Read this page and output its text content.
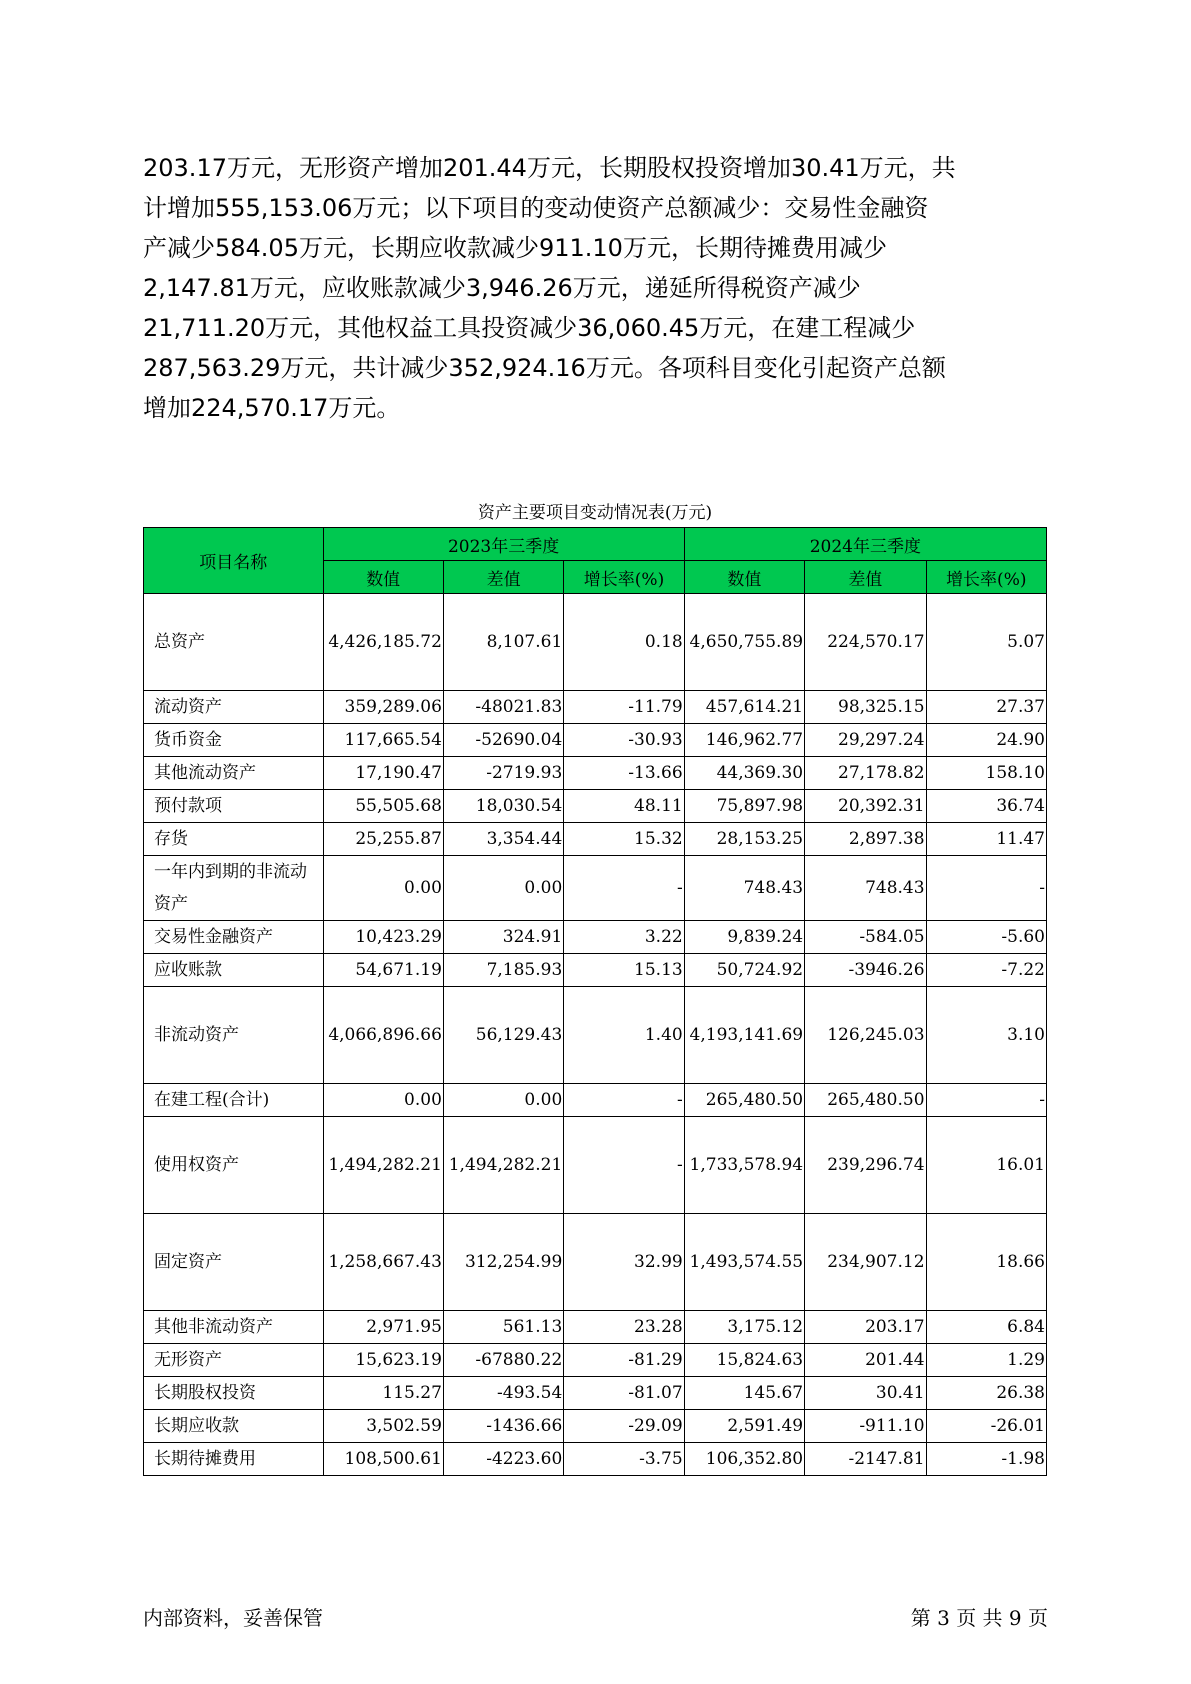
203.17万元，无形资产增加201.44万元，长期股权投资增加30.41万元，共
计增加555,153.06万元；以下项目的变动使资产总额减少：交易性金融资
产减少584.05万元，长期应收款减少911.10万元，长期待摊费用减少
2,147.81万元，应收账款减少3,946.26万元，递延所得税资产减少
21,711.20万元，其他权益工具投资减少36,060.45万元，在建工程减少
287,563.29万元，共计减少352,924.16万元。各项科目变化引起资产总额
增加224,570.17万元。
资产主要项目变动情况表(万元)
项目名称	2023年三季度			2024年三季度		
	数值	差值	增长率(%)	数值	差值	增长率(%)
总资产	4,426,185.72	8,107.61	0.18	4,650,755.89	224,570.17	5.07
流动资产	359,289.06	-48021.83	-11.79	457,614.21	98,325.15	27.37
货币资金	117,665.54	-52690.04	-30.93	146,962.77	29,297.24	24.90
其他流动资产	17,190.47	-2719.93	-13.66	44,369.30	27,178.82	158.10
预付款项	55,505.68	18,030.54	48.11	75,897.98	20,392.31	36.74
存货	25,255.87	3,354.44	15.32	28,153.25	2,897.38	11.47
一年内到期的非流动资产	0.00	0.00	-	748.43	748.43	-
交易性金融资产	10,423.29	324.91	3.22	9,839.24	-584.05	-5.60
应收账款	54,671.19	7,185.93	15.13	50,724.92	-3946.26	-7.22
非流动资产	4,066,896.66	56,129.43	1.40	4,193,141.69	126,245.03	3.10
在建工程(合计)	0.00	0.00	-	265,480.50	265,480.50	-
使用权资产	1,494,282.21	1,494,282.21	-	1,733,578.94	239,296.74	16.01
固定资产	1,258,667.43	312,254.99	32.99	1,493,574.55	234,907.12	18.66
其他非流动资产	2,971.95	561.13	23.28	3,175.12	203.17	6.84
无形资产	15,623.19	-67880.22	-81.29	15,824.63	201.44	1.29
长期股权投资	115.27	-493.54	-81.07	145.67	30.41	26.38
长期应收款	3,502.59	-1436.66	-29.09	2,591.49	-911.10	-26.01
长期待摊费用	108,500.61	-4223.60	-3.75	106,352.80	-2147.81	-1.98
内部资料，妥善保管	第 3 页 共 9 页
